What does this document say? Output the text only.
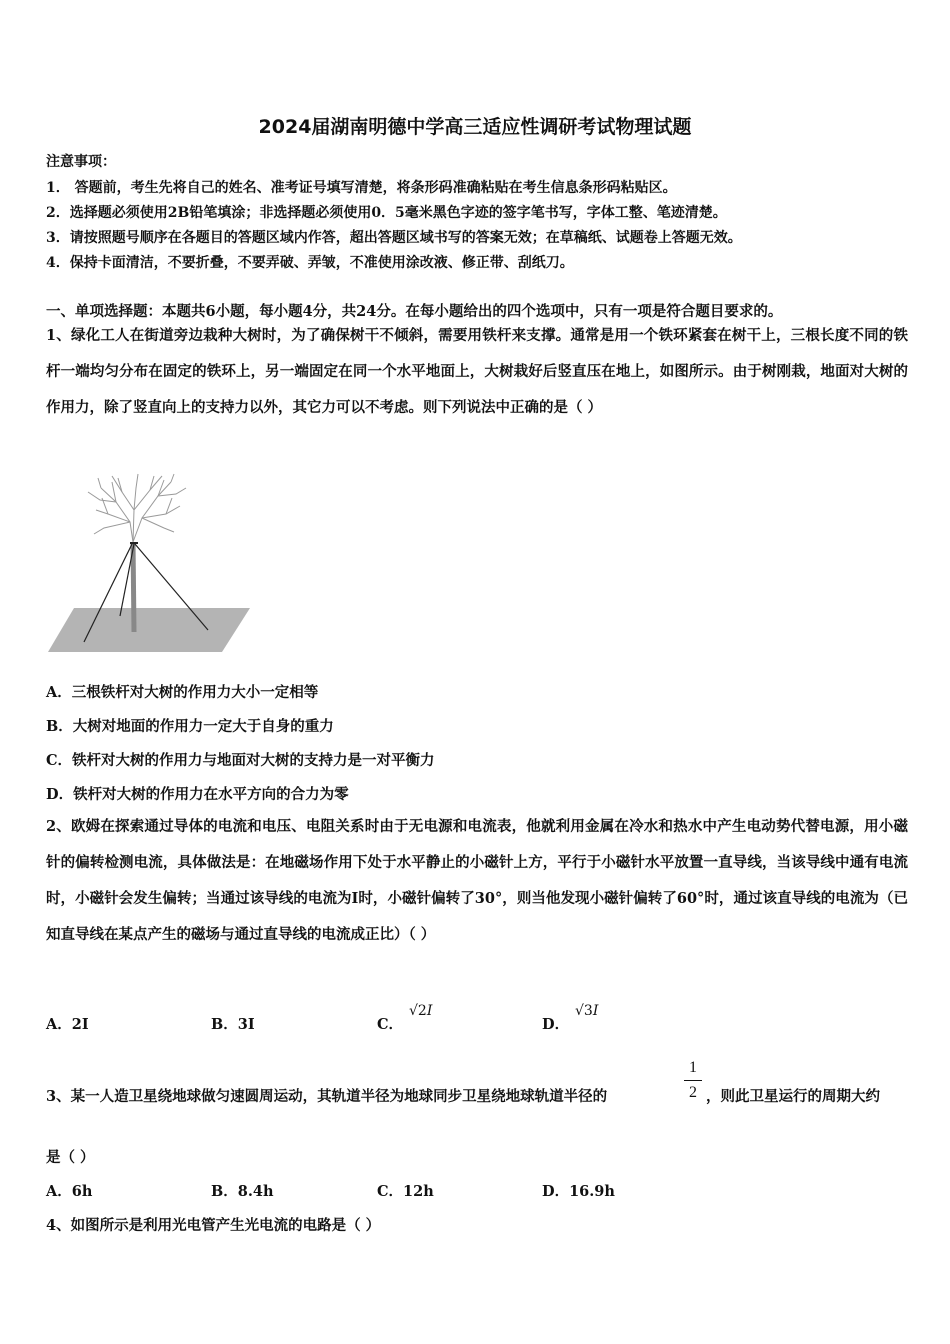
2024届湖南明德中学高三适应性调研考试物理试题
注意事项：
1． 答题前，考生先将自己的姓名、准考证号填写清楚，将条形码准确粘贴在考生信息条形码粘贴区。
2．选择题必须使用2B铅笔填涂；非选择题必须使用0．5毫米黑色字迹的签字笔书写，字体工整、笔迹清楚。
3．请按照题号顺序在各题目的答题区域内作答，超出答题区域书写的答案无效；在草稿纸、试题卷上答题无效。
4．保持卡面清洁，不要折叠，不要弄破、弄皱，不准使用涂改液、修正带、刮纸刀。
一、单项选择题：本题共6小题，每小题4分，共24分。在每小题给出的四个选项中，只有一项是符合题目要求的。
1、绿化工人在街道旁边栽种大树时，为了确保树干不倾斜，需要用铁杆来支撑。通常是用一个铁环紧套在树干上，三根长度不同的铁杆一端均匀分布在固定的铁环上，另一端固定在同一个水平地面上，大树栽好后竖直压在地上，如图所示。由于树刚栽，地面对大树的作用力，除了竖直向上的支持力以外，其它力可以不考虑。则下列说法中正确的是（ ）
A．三根铁杆对大树的作用力大小一定相等
B．大树对地面的作用力一定大于自身的重力
C．铁杆对大树的作用力与地面对大树的支持力是一对平衡力
D．铁杆对大树的作用力在水平方向的合力为零
2、欧姆在探索通过导体的电流和电压、电阻关系时由于无电源和电流表，他就利用金属在冷水和热水中产生电动势代替电源，用小磁针的偏转检测电流，具体做法是：在地磁场作用下处于水平静止的小磁针上方，平行于小磁针水平放置一直导线，当该导线中通有电流时，小磁针会发生偏转；当通过该导线的电流为I时，小磁针偏转了30°，则当他发现小磁针偏转了60°时，通过该直导线的电流为（已知直导线在某点产生的磁场与通过直导线的电流成正比）（ ）
A．2I	B．3I	C．
√2I
D．
√3I
3、某一人造卫星绕地球做匀速圆周运动，其轨道半径为地球同步卫星绕地球轨道半径的
1
2 ，则此卫星运行的周期大约
是（ ）
A．6h	B．8.4h	C．12h	D．16.9h
4、如图所示是利用光电管产生光电流的电路是（ ）
